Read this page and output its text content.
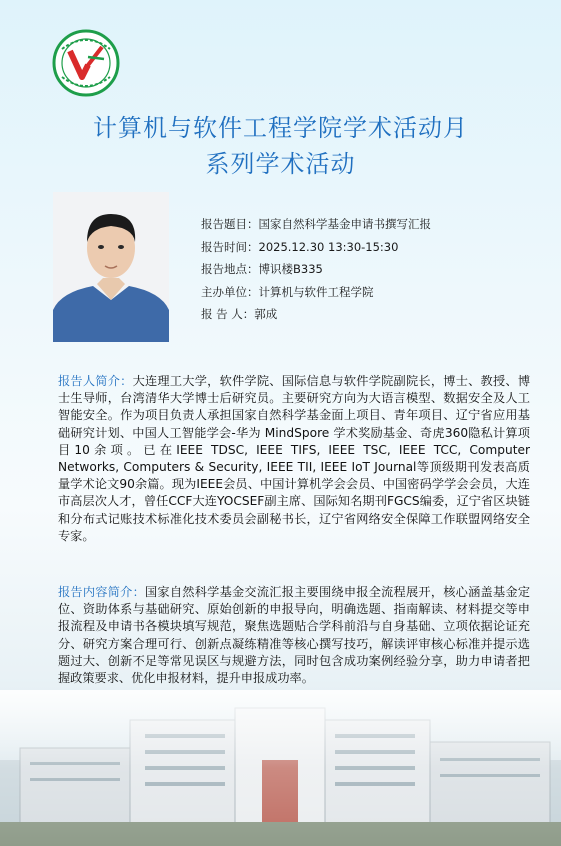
计算机与软件工程学院学术活动月
系列学术活动
报告题目：国家自然科学基金申请书撰写汇报
报告时间：2025.12.30 13:30-15:30
报告地点：博识楼B335
主办单位：计算机与软件工程学院
报 告 人：郭成
报告人简介：大连理工大学，软件学院、国际信息与软件学院副院长，博士、教授、博士生导师，台湾清华大学博士后研究员。主要研究方向为大语言模型、数据安全及人工智能安全。作为项目负责人承担国家自然科学基金面上项目、青年项目、辽宁省应用基础研究计划、中国人工智能学会-华为 MindSpore 学术奖励基金、奇虎360隐私计算项目10余项。已在IEEE TDSC, IEEE TIFS, IEEE TSC, IEEE TCC, Computer Networks, Computers & Security, IEEE TII, IEEE IoT Journal等顶级期刊发表高质量学术论文90余篇。现为IEEE会员、中国计算机学会会员、中国密码学学会会员，大连市高层次人才，曾任CCF大连YOCSEF副主席、国际知名期刊FGCS编委，辽宁省区块链和分布式记账技术标准化技术委员会副秘书长，辽宁省网络安全保障工作联盟网络安全专家。
报告内容简介：国家自然科学基金交流汇报主要围绕申报全流程展开，核心涵盖基金定位、资助体系与基础研究、原始创新的申报导向，明确选题、指南解读、材料提交等申报流程及申请书各模块填写规范，聚焦选题贴合学科前沿与自身基础、立项依据论证充分、研究方案合理可行、创新点凝练精准等核心撰写技巧，解读评审核心标准并提示选题过大、创新不足等常见误区与规避方法，同时包含成功案例经验分享，助力申请者把握政策要求、优化申报材料，提升申报成功率。
